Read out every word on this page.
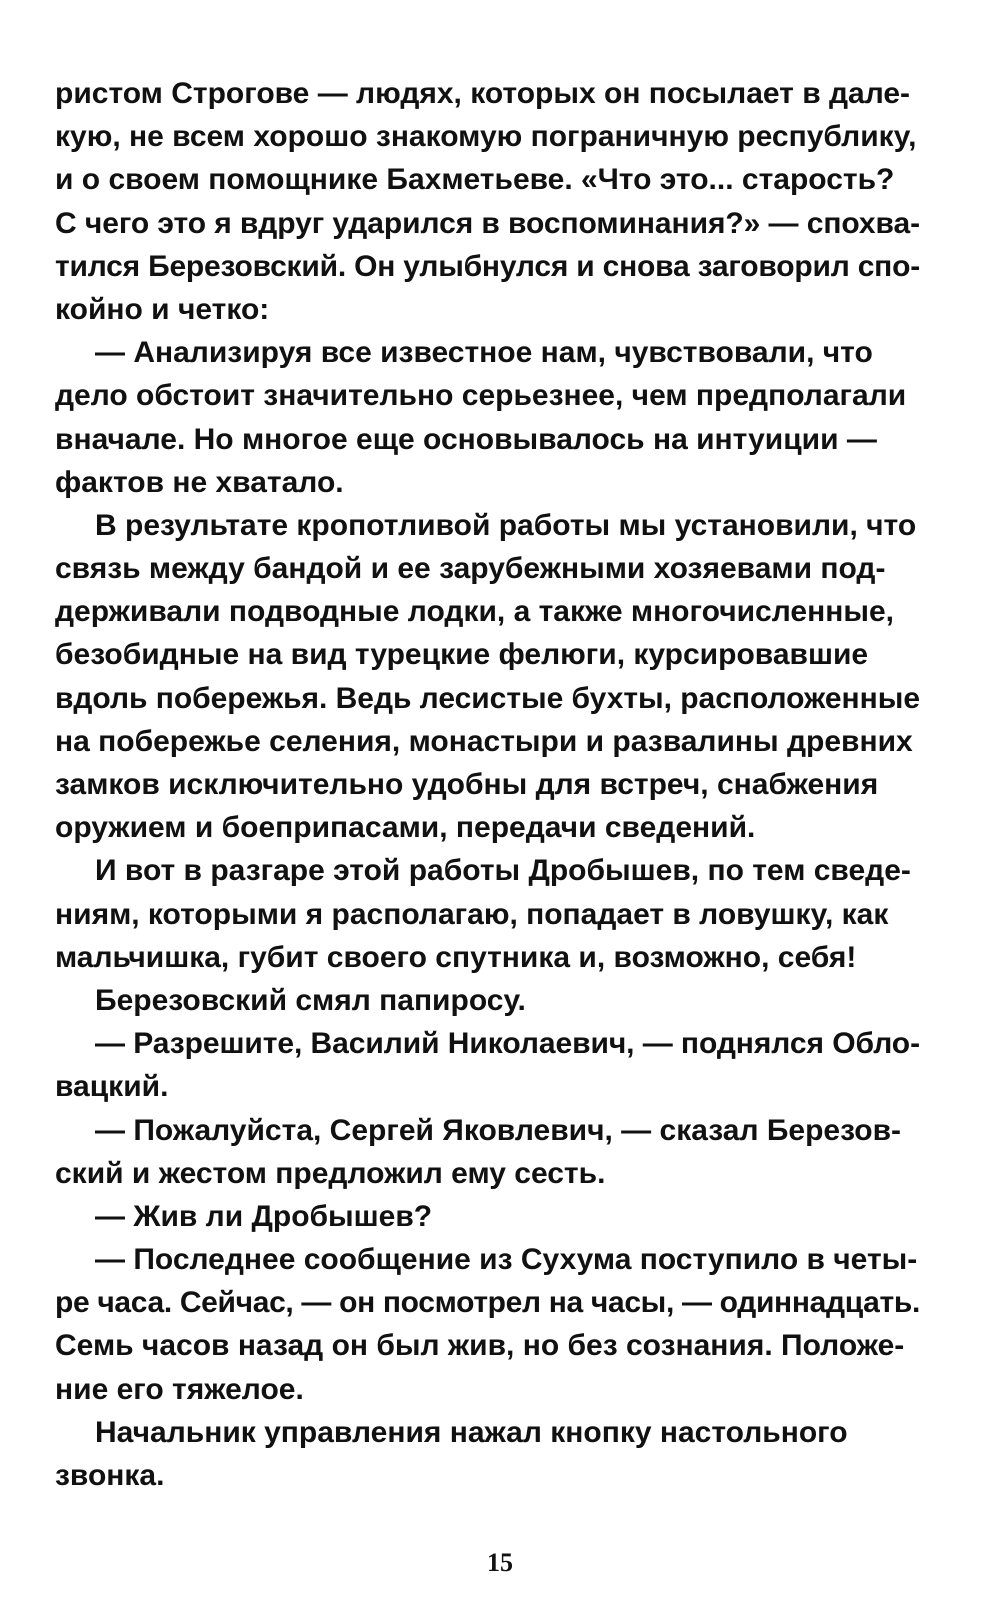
ристом Строгове — людях, которых он посылает в дале-
кую, не всем хорошо знакомую пограничную республику,
и о своем помощнике Бахметьеве. «Что это... старость?
С чего это я вдруг ударился в воспоминания?» — спохва-
тился Березовский. Он улыбнулся и снова заговорил спо-
койно и четко:
— Анализируя все известное нам, чувствовали, что
дело обстоит значительно серьезнее, чем предполагали
вначале. Но многое еще основывалось на интуиции —
фактов не хватало.
В результате кропотливой работы мы установили, что
связь между бандой и ее зарубежными хозяевами под-
держивали подводные лодки, а также многочисленные,
безобидные на вид турецкие фелюги, курсировавшие
вдоль побережья. Ведь лесистые бухты, расположенные
на побережье селения, монастыри и развалины древних
замков исключительно удобны для встреч, снабжения
оружием и боеприпасами, передачи сведений.
И вот в разгаре этой работы Дробышев, по тем сведе-
ниям, которыми я располагаю, попадает в ловушку, как
мальчишка, губит своего спутника и, возможно, себя!
Березовский смял папиросу.
— Разрешите, Василий Николаевич, — поднялся Обло-
вацкий.
— Пожалуйста, Сергей Яковлевич, — сказал Березов-
ский и жестом предложил ему сесть.
— Жив ли Дробышев?
— Последнее сообщение из Сухума поступило в четы-
ре часа. Сейчас, — он посмотрел на часы, — одиннадцать.
Семь часов назад он был жив, но без сознания. Положе-
ние его тяжелое.
Начальник управления нажал кнопку настольного
звонка.
15
